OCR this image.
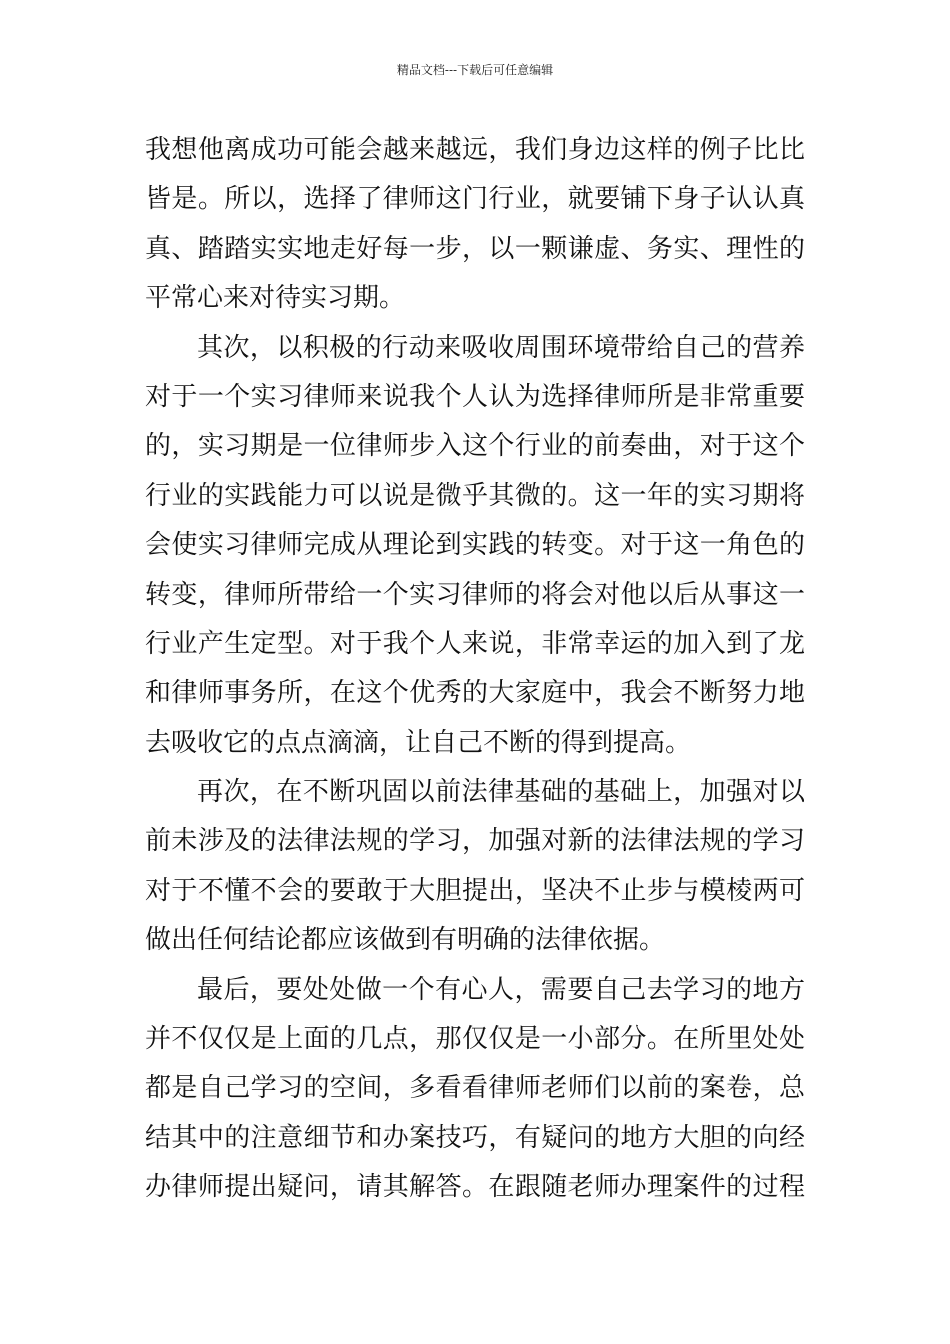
精品文档---下载后可任意编辑
我想他离成功可能会越来越远，我们身边这样的例子比比
皆是。所以，选择了律师这门行业，就要铺下身子认认真
真、踏踏实实地走好每一步，以一颗谦虚、务实、理性的
平常心来对待实习期。
其次，以积极的行动来吸收周围环境带给自己的营养
对于一个实习律师来说我个人认为选择律师所是非常重要
的，实习期是一位律师步入这个行业的前奏曲，对于这个
行业的实践能力可以说是微乎其微的。这一年的实习期将
会使实习律师完成从理论到实践的转变。对于这一角色的
转变，律师所带给一个实习律师的将会对他以后从事这一
行业产生定型。对于我个人来说，非常幸运的加入到了龙
和律师事务所，在这个优秀的大家庭中，我会不断努力地
去吸收它的点点滴滴，让自己不断的得到提高。
再次，在不断巩固以前法律基础的基础上，加强对以
前未涉及的法律法规的学习，加强对新的法律法规的学习
对于不懂不会的要敢于大胆提出，坚决不止步与模棱两可
做出任何结论都应该做到有明确的法律依据。
最后，要处处做一个有心人，需要自己去学习的地方
并不仅仅是上面的几点，那仅仅是一小部分。在所里处处
都是自己学习的空间，多看看律师老师们以前的案卷，总
结其中的注意细节和办案技巧，有疑问的地方大胆的向经
办律师提出疑问，请其解答。在跟随老师办理案件的过程
